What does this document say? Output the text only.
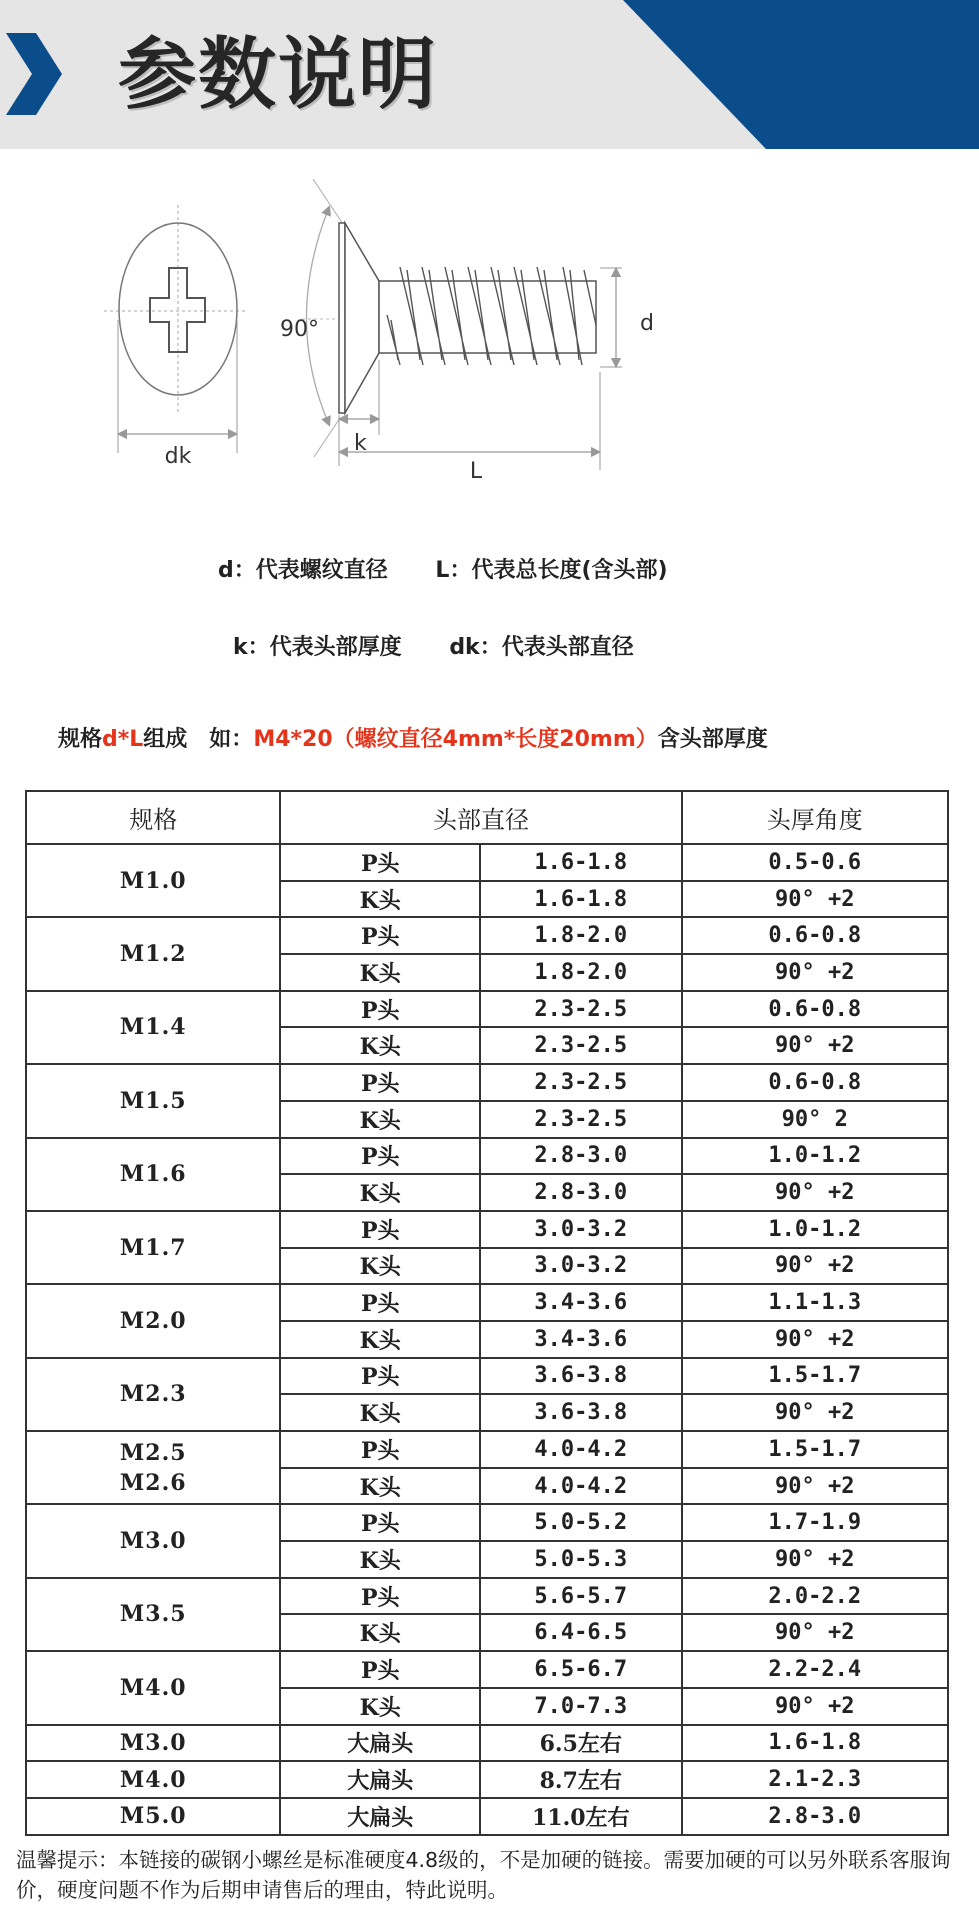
参数说明
dk
90°	d
k
L
d：代表螺纹直径 L：代表总长度(含头部)
k：代表头部厚度 dk：代表头部直径
规格d*L组成　如：M4*20（螺纹直径4mm*长度20mm）含头部厚度
规格	头部直径		头厚角度
M1.0	P头	1.6-1.8	0.5-0.6
	K头	1.6-1.8	90° +2
M1.2	P头	1.8-2.0	0.6-0.8
	K头	1.8-2.0	90° +2
M1.4	P头	2.3-2.5	0.6-0.8
	K头	2.3-2.5	90° +2
M1.5	P头	2.3-2.5	0.6-0.8
	K头	2.3-2.5	90° 2
M1.6	P头	2.8-3.0	1.0-1.2
	K头	2.8-3.0	90° +2
M1.7	P头	3.0-3.2	1.0-1.2
	K头	3.0-3.2	90° +2
M2.0	P头	3.4-3.6	1.1-1.3
	K头	3.4-3.6	90° +2
M2.3	P头	3.6-3.8	1.5-1.7
	K头	3.6-3.8	90° +2

M2.5
M2.6	P头	4.0-4.2	1.5-1.7
	K头	4.0-4.2	90° +2
M3.0	P头	5.0-5.2	1.7-1.9
	K头	5.0-5.3	90° +2
M3.5	P头	5.6-5.7	2.0-2.2
	K头	6.4-6.5	90° +2
M4.0	P头	6.5-6.7	2.2-2.4
	K头	7.0-7.3	90° +2
M3.0	大扁头	6.5左右	1.6-1.8
M4.0	大扁头	8.7左右	2.1-2.3
M5.0	大扁头	11.0左右	2.8-3.0
温馨提示：本链接的碳钢小螺丝是标准硬度4.8级的，不是加硬的链接。需要加硬的可以另外联系客服询价，硬度问题不作为后期申请售后的理由，特此说明。
